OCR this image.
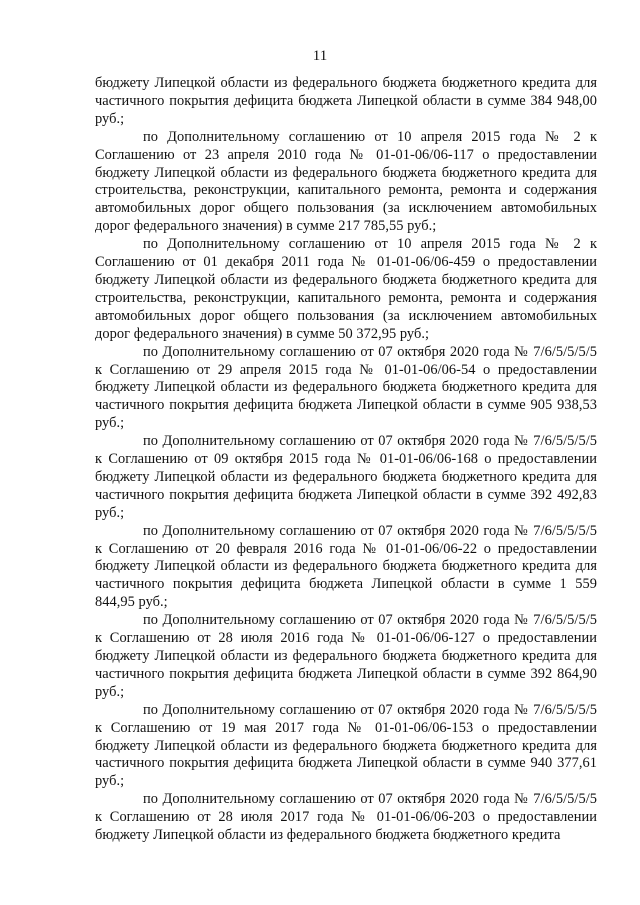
11

бюджету Липецкой области из федерального бюджета бюджетного кредита для частичного покрытия дефицита бюджета Липецкой области в сумме 384 948,00 руб.;

по Дополнительному соглашению от 10 апреля 2015 года № 2 к Соглашению от 23 апреля 2010 года № 01-01-06/06-117 о предоставлении бюджету Липецкой области из федерального бюджета бюджетного кредита для строительства, реконструкции, капитального ремонта, ремонта и содержания автомобильных дорог общего пользования (за исключением автомобильных дорог федерального значения) в сумме 217 785,55 руб.;

по Дополнительному соглашению от 10 апреля 2015 года № 2 к Соглашению от 01 декабря 2011 года № 01-01-06/06-459 о предоставлении бюджету Липецкой области из федерального бюджета бюджетного кредита для строительства, реконструкции, капитального ремонта, ремонта и содержания автомобильных дорог общего пользования (за исключением автомобильных дорог федерального значения) в сумме 50 372,95 руб.;

по Дополнительному соглашению от 07 октября 2020 года № 7/6/5/5/5/5 к Соглашению от 29 апреля 2015 года № 01-01-06/06-54 о предоставлении бюджету Липецкой области из федерального бюджета бюджетного кредита для частичного покрытия дефицита бюджета Липецкой области в сумме 905 938,53 руб.;

по Дополнительному соглашению от 07 октября 2020 года № 7/6/5/5/5/5 к Соглашению от 09 октября 2015 года № 01-01-06/06-168 о предоставлении бюджету Липецкой области из федерального бюджета бюджетного кредита для частичного покрытия дефицита бюджета Липецкой области в сумме 392 492,83 руб.;

по Дополнительному соглашению от 07 октября 2020 года № 7/6/5/5/5/5 к Соглашению от 20 февраля 2016 года № 01-01-06/06-22 о предоставлении бюджету Липецкой области из федерального бюджета бюджетного кредита для частичного покрытия дефицита бюджета Липецкой области в сумме 1 559 844,95 руб.;

по Дополнительному соглашению от 07 октября 2020 года № 7/6/5/5/5/5 к Соглашению от 28 июля 2016 года № 01-01-06/06-127 о предоставлении бюджету Липецкой области из федерального бюджета бюджетного кредита для частичного покрытия дефицита бюджета Липецкой области в сумме 392 864,90 руб.;

по Дополнительному соглашению от 07 октября 2020 года № 7/6/5/5/5/5 к Соглашению от 19 мая 2017 года № 01-01-06/06-153 о предоставлении бюджету Липецкой области из федерального бюджета бюджетного кредита для частичного покрытия дефицита бюджета Липецкой области в сумме 940 377,61 руб.;

по Дополнительному соглашению от 07 октября 2020 года № 7/6/5/5/5/5 к Соглашению от 28 июля 2017 года № 01-01-06/06-203 о предоставлении бюджету Липецкой области из федерального бюджета бюджетного кредита
